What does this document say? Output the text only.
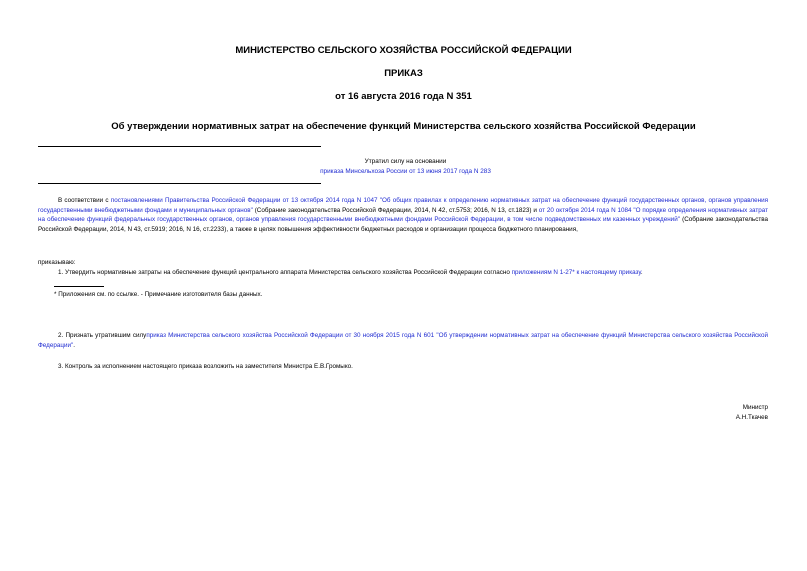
МИНИСТЕРСТВО СЕЛЬСКОГО ХОЗЯЙСТВА РОССИЙСКОЙ ФЕДЕРАЦИИ
ПРИКАЗ
от 16 августа 2016 года N 351
Об утверждении нормативных затрат на обеспечение функций Министерства сельского хозяйства Российской Федерации
Утратил силу на основании
приказа Минсельхоза России от 13 июня 2017 года N 283
В соответствии с постановлениями Правительства Российской Федерации от 13 октября 2014 года N 1047 "Об общих правилах к определению нормативных затрат на обеспечение функций государственных органов, органов управления государственными внебюджетными фондами и муниципальных органов" (Собрание законодательства Российской Федерации, 2014, N 42, ст.5753; 2016, N 13, ст.1823) и от 20 октября 2014 года N 1084 "О порядке определения нормативных затрат на обеспечение функций федеральных государственных органов, органов управления государственными внебюджетными фондами Российской Федерации, в том числе подведомственных им казенных учреждений" (Собрание законодательства Российской Федерации, 2014, N 43, ст.5919; 2016, N 16, ст.2233), а также в целях повышения эффективности бюджетных расходов и организации процесса бюджетного планирования,
приказываю:
1. Утвердить нормативные затраты на обеспечение функций центрального аппарата Министерства сельского хозяйства Российской Федерации согласно приложениям N 1-27* к настоящему приказу.
* Приложения см. по ссылке. - Примечание изготовителя базы данных.
2. Признать утратившим силуприказ Министерства сельского хозяйства Российской Федерации от 30 ноября 2015 года N 601 "Об утверждении нормативных затрат на обеспечение функций Министерства сельского хозяйства Российской Федерации".
3. Контроль за исполнением настоящего приказа возложить на заместителя Министра Е.В.Громыко.
Министр
А.Н.Ткачев
